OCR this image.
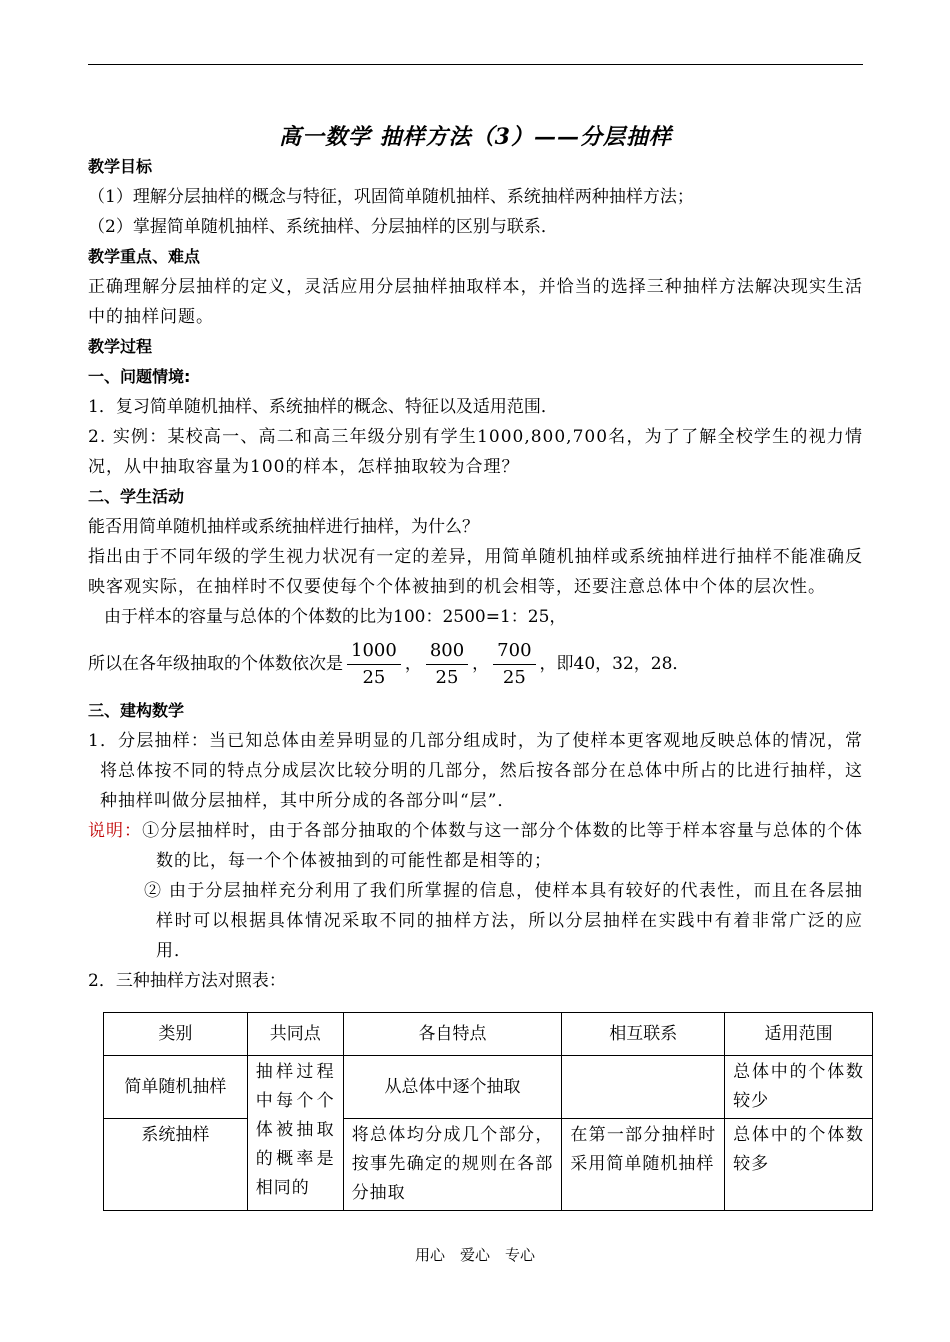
高一数学 抽样方法（3）——分层抽样
教学目标
（1）理解分层抽样的概念与特征，巩固简单随机抽样、系统抽样两种抽样方法；
（2）掌握简单随机抽样、系统抽样、分层抽样的区别与联系．
教学重点、难点
正确理解分层抽样的定义，灵活应用分层抽样抽取样本，并恰当的选择三种抽样方法解决现实生活中的抽样问题。
教学过程
一、问题情境:
1．复习简单随机抽样、系统抽样的概念、特征以及适用范围．
2. 实例：某校高一、高二和高三年级分别有学生1000,800,700名，为了了解全校学生的视力情况，从中抽取容量为100的样本，怎样抽取较为合理？
二、学生活动
能否用简单随机抽样或系统抽样进行抽样，为什么？
指出由于不同年级的学生视力状况有一定的差异，用简单随机抽样或系统抽样进行抽样不能准确反映客观实际，在抽样时不仅要使每个个体被抽到的机会相等，还要注意总体中个体的层次性。
由于样本的容量与总体的个体数的比为100：2500=1：25，
所以在各年级抽取的个体数依次是 $\frac{1000}{25}$ ， $\frac{800}{25}$ ， $\frac{700}{25}$ ，即40，32，28．
三、建构数学
1．分层抽样：当已知总体由差异明显的几部分组成时，为了使样本更客观地反映总体的情况，常将总体按不同的特点分成层次比较分明的几部分，然后按各部分在总体中所占的比进行抽样，这种抽样叫做分层抽样，其中所分成的各部分叫“层”．
说明：①分层抽样时，由于各部分抽取的个体数与这一部分个体数的比等于样本容量与总体的个体数的比，每一个个体被抽到的可能性都是相等的；
② 由于分层抽样充分利用了我们所掌握的信息，使样本具有较好的代表性，而且在各层抽样时可以根据具体情况采取不同的抽样方法，所以分层抽样在实践中有着非常广泛的应用．
2．三种抽样方法对照表：
类别	共同点	各自特点	相互联系	适用范围
简单随机抽样	抽样过程中每个个体被抽取的概率是相同的	从总体中逐个抽取		总体中的个体数较少
系统抽样		将总体均分成几个部分，按事先确定的规则在各部分抽取	在第一部分抽样时采用简单随机抽样	总体中的个体数较多
用心　爱心　专心
